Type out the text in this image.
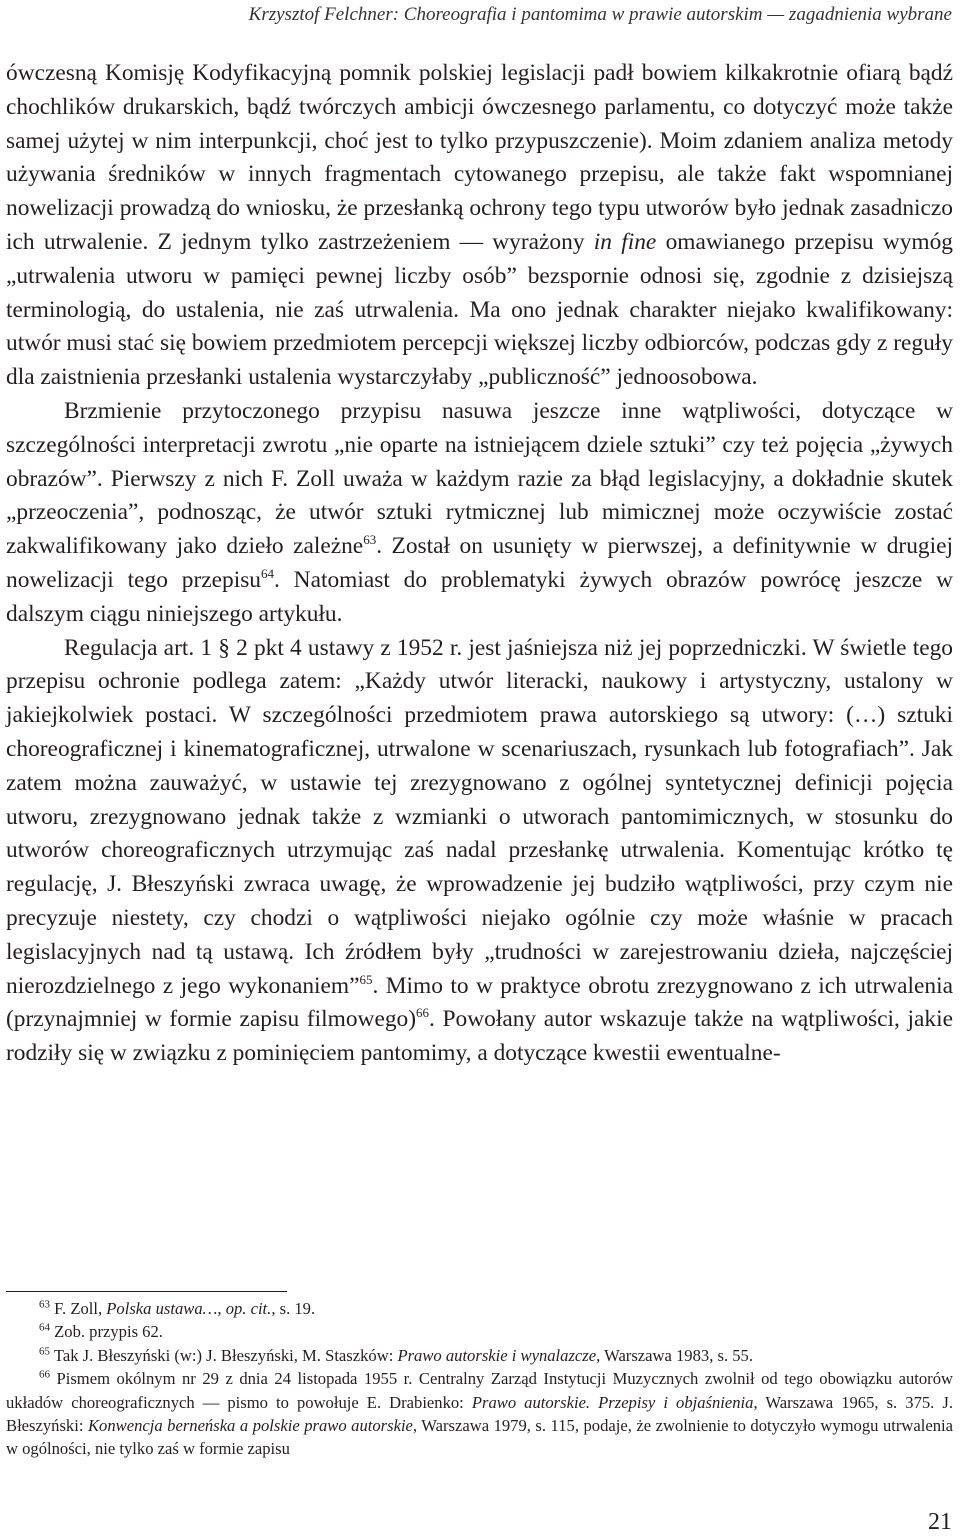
Krzysztof Felchner: Choreografia i pantomima w prawie autorskim — zagadnienia wybrane

ówczesną Komisję Kodyfikacyjną pomnik polskiej legislacji padł bowiem kilkakrotnie ofiarą bądź chochlików drukarskich, bądź twórczych ambicji ówczesnego parlamentu, co dotyczyć może także samej użytej w nim interpunkcji, choć jest to tylko przypuszczenie). Moim zdaniem analiza metody używania średników w innych fragmentach cytowanego przepisu, ale także fakt wspomnianej nowelizacji prowadzą do wniosku, że przesłanką ochrony tego typu utworów było jednak zasadniczo ich utrwalenie. Z jednym tylko zastrzeżeniem — wyrażony in fine omawianego przepisu wymóg „utrwalenia utworu w pamięci pewnej liczby osób” bezspornie odnosi się, zgodnie z dzisiejszą terminologią, do ustalenia, nie zaś utrwalenia. Ma ono jednak charakter niejako kwalifikowany: utwór musi stać się bowiem przedmiotem percepcji większej liczby odbiorców, podczas gdy z reguły dla zaistnienia przesłanki ustalenia wystarczyłaby „publiczność” jednoosobowa.

Brzmienie przytoczonego przypisu nasuwa jeszcze inne wątpliwości, dotyczące w szczególności interpretacji zwrotu „nie oparte na istniejącem dziele sztuki” czy też pojęcia „żywych obrazów”. Pierwszy z nich F. Zoll uważa w każdym razie za błąd legislacyjny, a dokładnie skutek „przeoczenia”, podnosząc, że utwór sztuki rytmicznej lub mimicznej może oczywiście zostać zakwalifikowany jako dzieło zależne$^{63}$. Został on usunięty w pierwszej, a definitywnie w drugiej nowelizacji tego przepisu$^{64}$. Natomiast do problematyki żywych obrazów powrócę jeszcze w dalszym ciągu niniejszego artykułu.

Regulacja art. 1 § 2 pkt 4 ustawy z 1952 r. jest jaśniejsza niż jej poprzedniczki. W świetle tego przepisu ochronie podlega zatem: „Każdy utwór literacki, naukowy i artystyczny, ustalony w jakiejkolwiek postaci. W szczególności przedmiotem prawa autorskiego są utwory: (…) sztuki choreograficznej i kinematograficznej, utrwalone w scenariuszach, rysunkach lub fotografiach”. Jak zatem można zauważyć, w ustawie tej zrezygnowano z ogólnej syntetycznej definicji pojęcia utworu, zrezygnowano jednak także z wzmianki o utworach pantomimicznych, w stosunku do utworów choreograficznych utrzymując zaś nadal przesłankę utrwalenia. Komentując krótko tę regulację, J. Błeszyński zwraca uwagę, że wprowadzenie jej budziło wątpliwości, przy czym nie precyzuje niestety, czy chodzi o wątpliwości niejako ogólnie czy może właśnie w pracach legislacyjnych nad tą ustawą. Ich źródłem były „trudności w zarejestrowaniu dzieła, najczęściej nierozdzielnego z jego wykonaniem”$^{65}$. Mimo to w praktyce obrotu zrezygnowano z ich utrwalenia (przynajmniej w formie zapisu filmowego)$^{66}$. Powołany autor wskazuje także na wątpliwości, jakie rodziły się w związku z pominięciem pantomimy, a dotyczące kwestii ewentualne-

$^{63}$ F. Zoll, Polska ustawa…, op. cit., s. 19.

$^{64}$ Zob. przypis 62.

$^{65}$ Tak J. Błeszyński (w:) J. Błeszyński, M. Staszków: Prawo autorskie i wynalazcze, Warszawa 1983, s. 55.

$^{66}$ Pismem okólnym nr 29 z dnia 24 listopada 1955 r. Centralny Zarząd Instytucji Muzycznych zwolnił od tego obowiązku autorów układów choreograficznych — pismo to powołuje E. Drabienko: Prawo autorskie. Przepisy i objaśnienia, Warszawa 1965, s. 375. J. Błeszyński: Konwencja berneńska a polskie prawo autorskie, Warszawa 1979, s. 115, podaje, że zwolnienie to dotyczyło wymogu utrwalenia w ogólności, nie tylko zaś w formie zapisu

21
